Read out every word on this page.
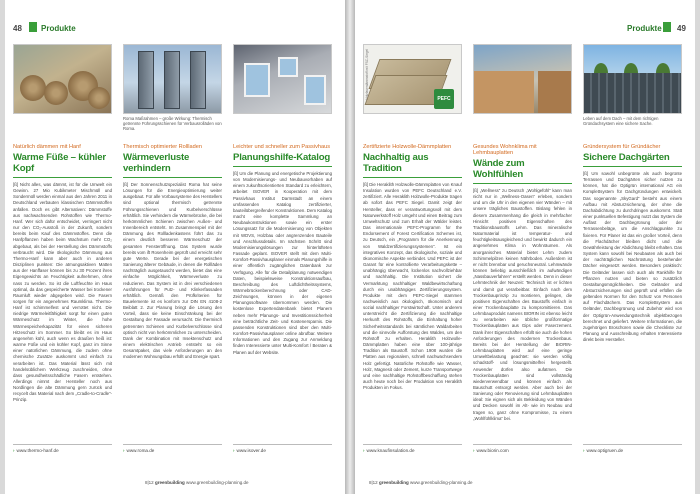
48 Produkte
Natürlich dämmen mit Hanf
Warme Füße – kühler Kopf
[ß] Nicht alles, was dämmt, ist für die Umwelt ein Gewinn. 27 Mio Kubikmeter Mischmüll und Sondermüll werden einmal aus den Jahren 2011 in Deutschland verbauten klassischen Dämmstoffen anfallen. Doch es gibt Alternativen: Dämmstoffe aus nachwachsenden Rohstoffen wie Thermo-Hanf. Wer sich dafür entscheidet, verringert nicht nur den CO₂-Ausstoß in der Zukunft, sondern bereits beim Kauf des Dämmstoffes. Denn die Hanfpflanzen haben beim Wachstum mehr CO₂ abgebaut, als bei der Herstellung des Dämmstoffs verbraucht wird. Die ökologische Dämmung aus Thermo-Hanf kann aber auch in anderen Disziplinen punkten: Die atmungsaktiven Matten aus der Hanffaser können bis zu 30 Prozent ihres Eigengewichts an Feuchtigkeit aufnehmen, ohne nass zu werden. So ist die Luftfeuchte im Haus optimal, da das gespeicherte Wasser bei trockener Raumluft wieder abgegeben wird. Die Fasern sorgen für ein angenehmes Raumklima. Thermo-Hanf ist schimmelfest und verrottet nicht. Die niedrige Wärmeleitfähigkeit sorgt für einen guten Wärmeschutz im Winter, die hohe Wärmespeicherkapazität für einen sicheren Hitzeschutz im Sommer. So bleibt es im Haus angenehm kühl, auch wenn es draußen heiß ist: warme Füße und ein kühler Kopf, ganz im Sinne einer natürlichen Dämmung, die zudem ohne chemische Zusätze auskommt und einfach zu verarbeiten ist. Das Material lässt sich mit handelsüblichem Werkzeug zuschneiden, ohne dass gesundheitsschädliche Fasern entstehen. Allerdings nimmt der Hersteller noch aus Nordlingen die alte Dämmung gern zurück und recycelt das Material nach dem „Cradle-to-Cradle“-Prinzip.
› www.thermo-hanf.de
Roma Maßrahmen – große Wirkung: Thermisch getrennte Führungsschienen für Verbausrolläden von Roma.
Thermisch optimierter Rollladen
Wärmeverluste verhindern
[ß] Der Sonnenschutzspezialist Roma hat seine Lösungen für die Energieoptimierung weiter ausgebaut. Für alle Vorbausysteme des Herstellers sind optional thermisch getrennte Führungsschienen und Kurbelverschlüsse erhältlich. Sie verhindern die Wärmebrücke, die bei herkömmlichen Schienen zwischen Außen- und Innenbereich entsteht. Im Zusammenspiel mit der Dämmung des Rollladenkastens führt das zu einem deutlich besseren Wärmeschutz der gesamten Fensteröffnung. Das System wurde bereits vom ift Rosenheim geprüft und erreicht sehr gute Werte. Gerade bei der energetischen Sanierung älterer Gebäude, in denen die Rollläden nachträglich ausgetauscht werden, bietet das eine einfache Möglichkeit, Wärmeverluste zu reduzieren. Das System ist in drei verschiedenen Ausführungen für Putz- und Klinkerfassaden erhältlich. Gemäß den Prüfkriterien für Bauelemente ist es konform zur DIN EN 4108-2 Beiblatt 2. Zur Planung bringt die Lösung den Vorteil, dass sie keine Einschränkung bei der Gestaltung der Fassade verursacht. Die thermisch getrennten Schienen und Kurbelverschlüsse sind optisch nicht von herkömmlichen zu unterscheiden. Dank der Kombination mit Insektenschutz und einem elektrischen Antrieb entsteht so ein Gesamtpaket, das viele Anforderungen an den modernen Wohnungsbau erfüllt und Energie spart.
› www.roma.de
Leichter und schneller zum Passivhaus
Planungshilfe-Katalog
[ß] Um die Planung und energetische Projektierung von Modernisierungs- und Neubauvorhaben auf einem zukunftsorientierten Standard zu erleichtern, arbeitet ISOVER in Kooperation mit dem Passivhaus Institut Darmstadt an einem umfassenden Katalog zertifizierter, bauteilübergreifender Konstruktionen. Dem Katalog macht eine komplette Sammlung an Neubaukonstruktionen sowie ein erster Lösungssatz für die Modernisierung von Objekten mit WDVS, Holzbau oder angrenzenden Bauteile und Anschlussdetails. Im nächsten Schritt sind Modernisierungslösungen zur hinterlüfteten Fassade geplant. ISOVER stellt mit dem Multi-Komfort-Passivhausplaner einmals Planungshilfe in einer öffentlich zugänglichen Datenbank zur Verfügung. Alle für die Detailplanung notwendigen Daten, beispielsweise Konstruktionsaufbau, Beschreibung des Luftdichtheitssystems, Wärmebrückenberechnung oder CAD-Zeichnungen, können in der eigenen Planungssoftware übernommen werden. Die kostenlose Expertendatenbank bietet Planern neben mehr Planungs- und Investitionssicherheit eine beträchtliche Zeit- und Kostenersparnis. Die passenden Konstruktionen sind über den Multi-Komfort-Passivhausplaner online abrufbar. Weitere Informationen und den Zugang zur Anmeldung finden Interessierte unter Multi-Komfort / Beraten & Planen auf der Website.
› www.isover.de
8|12 greenbuilding www.greenbuilding-planning.de
Produkte 49
PEFC
Holzfaserdämmstoff mit FSC-Siegel
Zertifizierte Holzwolle-Dämmplatten
Nachhaltig aus Tradition
[ß] Die Heraklith Holzwolle-Dämmplatten von Knauf Insulation wurden von PEFC Deutschland e.V. zertifiziert. Alle Heraklith Holzwolle-Produkte tragen ab sofort das PEFC Siegel. Damit zeigt der Hersteller, dass er verantwortungsvoll mit dem Naturwerkstoff Holz umgeht und einen Beitrag zum Umweltschutz und zum Erhalt der Wälder leistet. Das internationale PEFC-Programm for the Endorsement of Forest Certification Schemes ist, zu Deutsch, ein „Programm für die Anerkennung von Waldzertifizierungssystemen“. Ist ein integratives Konzept, das ökologische, soziale und ökonomische Aspekte verbindet. Und PEFC ist der Garant für eine kontrollierte Verarbeitungskette – unabhängig überwacht, lückenlos nachvollziehbar und nachhaltig. Die Institution sichert die Vermarktung nachhaltiger Waldbewirtschaftung durch ein unabhängiges Zertifizierungssystem. Produkte mit dem PEFC-Siegel stammen nachweislich aus ökologisch, ökonomisch und sozial nachhaltiger Forstwirtschaft. Unter anderem unterstreicht die Zertifizierung die nachhaltige Herkunft des Rohstoffs, die Einhaltung hoher Sicherheitsstandards bei sämtlichen Waldarbeiten und die sinnvolle Aufforstung des Waldes, um den Rohstoff zu erhalten. Heraklith Holzwolle-Dämmplatten haben eine über 100-jährige Tradition als Baustoff. Schon 1908 wurden die Platten aus regionalem, schnell nachwachsendem Holz gefertigt. Natürliche Rohstoffe wie Wasser, Holz, Magnesit oder Zement, kurze Transportwege und eine nachhaltige Rohstoffbeschaffung stehen auch heute noch bei der Produktion von Heraklith Produkten im Fokus.
› www.knaufinsulation.de
Gesundes Wohnklima mit Lehmbauplatten
Wände zum Wohlfühlen
[ß] „Wellness“ zu Deutsch „Wohlgefühl“ kann man nicht nur in „Wellness-Oasen“ erleben, sondern und um die Uhr in den eigenen vier Wänden – mit unsere trägliches Baustoffen. Bislang fehlen in diesem Zusammenhang die gleich in mehrfacher Hinsicht positiven Eigenschaften des Traditionsbaustoffs Lehm. Das mineralische Naturmaterial ist temperatur- und feuchtigkeitsausgleichend und bewirkt dadurch ein angenehmes Klima in Wohnräumen. Als anorganisches Material bietet Lehm zudem Schimmelpilzen keinen Nährboden. Außerdem ist er nicht brennbar und geruchsneutral. Lehmwände können beliebig ausschließlich im aufwändigen „Nassbauverfahren“ erstellt werden. Denn in dieser Lehmtechnik der Neuzeit: Technisch ist er lichten und damit gut verarbeitbar. Einfach nach dem Trockenbauprinzip zu montieren, gelingen, die positiven Eigenschaften des Baustoffs einfach in einer Trockenbauplatte zu kompromittieren. Das Lehmbauprodukt namens BIORIN ist ebenso leicht zu verarbeiten wie übliche großformatige Trockenbauplatten aus Gips oder Faserzement. Dank ihrer Eigenschaften erfüllt sie auch die hohen Anforderungen des modernen Trockenbaus. Bereits bei der Herstellung der BIORIN-Lehmbauplatten wird auf eine geringe Umweltbelastung geachtet: sie werden völlig schadstoff- und lösungsmittelfrei hergestellt. Anwender dürfen also aufatmen. Die Trockenbauplatten sind vollständig wiederverwendbar und können einfach als Bauschutt entsorgt werden. Aber auch bei der Sanierung oder Renovierung sind Lehmbauplatten ideal: Sie eignen sich als Bekleidung von Wänden und Decken sowohl im Alt- wie im Neubau und tragen so, ganz ohne Kompromisse, zu einem „Wohlfühlklima“ bei.
› www.biorin.com
Leben auf dem Dach – mit dem richtigen Gründachsystem eine sichere Sache.
Gründersystem für Gründächer
Sichere Dachgärten
[ß] Um sowohl unbegrünte als auch begrünte Terrassen und Dachgärten sicher nutzen zu können, hat die Optigrün international AG ein Komplettsystem für Dachgründungen entwickelt. Das sogenannte „SkyGard“ besteht aus einem Aufbau mit Absturzsicherung, der ohne die Dachabdichtung zu durchdringen auskommt. Statt einer punktuellen Befestigung nutzt das System die Auflast der Dachbegrünung oder der Terrassenbeläge, um die Anschlagpunkte zu fixieren. Für Planer ist das ein großer Vorteil, denn die Flachdächer bleiben dicht und die Gewährleistung der Abdichtung bleibt erhalten. Das System kann sowohl bei Neubauten als auch bei der nachträglichen Nachrüstung bestehender Dächer eingesetzt werden. Besonders praktisch: Die Geländer lassen sich auch als Rankhilfe für Pflanzen nutzen und bieten so zusätzlich Gestaltungsmöglichkeiten. Die Geländer und Absturzsicherungen sind geprüft und erfüllen die geltenden Normen für den Schutz von Personen auf Flachdächern. Das Komplettsystem aus Geländer, Dachbegrünung und Zubehör wird von der Optigrün-Anwendungstechnik objektbezogen berechnet und geliefert. Weitere Informationen, die zugehörigen Broschüren sowie die Checkliste zur Planung und Ausschreibung erhalten Interessierte direkt beim Hersteller.
› www.optigruen.de
8|12 greenbuilding www.greenbuilding-planning.de
